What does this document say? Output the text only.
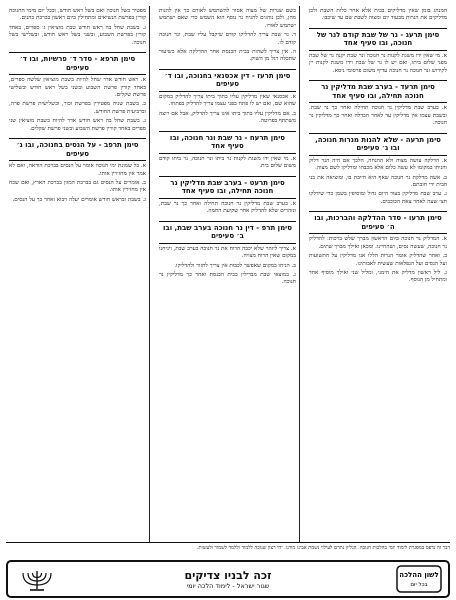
המנהג בזמן שאין מדליקים בבית אלא אחר כלות השבת ולכן מדליקים את הנרות מבעוד יום ומצוה לשבת שם עד שיכבו.

סימן תרעג - נר של שבת קודם לנר של חנוכה, ובו סעיף אחד

א. מי שאין ידו משגת לקנות נר חנוכה ונר שבת יקנה נר של שבת מפני שלום ביתו, ואם יש לו נר של שבת וידו משגת לקנות יין לקידוש ונר חנוכה נר חנוכה עדיף משום פרסומי ניסא.

סימן תרעד - בערב שבת מדליקין נר חנוכה תחילה, ובו סעיף אחד

א. בערב שבת מדליקין נר חנוכה תחילה ואחר כך נר שבת. ובשבת עצמו אין מדליקין עד לאחר הבדלה ואחר כך מדליקין נר חנוכה.

סימן תרעה - שלא להנות מנרות חנוכה, ובו ג׳ סעיפים

א. הדלקה עושה מצוה ולא ההנחה, הלכך אם היה הנר דלוק והניחו במקומו לא עשה כלום אלא מכבהו ומדליקו לשם מצוה.

ב. אשה מדלקת נר חנוכה שאף היא חייבת בו, ומוציאה את בני הבית ידי חובתם.

ג. ערב שבת מדליקין בעוד היום גדול ומוסיפין בשמן כדי שידלקו חצי שעה לאחר צאת הכוכבים.

סימן תרעו - סדר ההדלקה והברכות, ובו ה׳ סעיפים

א. המדליק נר חנוכה ביום הראשון מברך שלש ברכות: להדליק נר חנוכה, שעשה נסים, ושהחיינו. ומכאן ואילך מברך שתים.

ב. ואחר שהדליק אומר הנרות הללו אנו מדליקין על התשועות ועל הנסים ועל הנפלאות שעשית לאבותינו.

ג. ליל ראשון מדליק את הימני, ומליל שני ואילך מוסיף אחד ומתחיל מן הנוסף.

כשם שנרות של מצוה אסור להשתמש לאורם כך אין להנות מהן, ולכן נוהגים להניח נר נוסף הוא השמש כדי שאם ישתמש ישתמש לאורו.

ד. נר שבת צריך להדליקו קודם שיקבל עליו שבת, ונר חנוכה קודם לו.

ה. אין צריך לשהות בבית הכנסת אחר ההדלקה אלא כשיעור שתכלה רגל מן השוק.

סימן תרעז - דין אכסנאי בחנוכה, ובו ד׳ סעיפים

א. אכסנאי שאין מדליקין עליו בתוך ביתו צריך להדליק במקום שהוא שם, ואם יש לו פתח בפני עצמו צריך להדליק בפתחו.

ב. אם מדליקין עליו בתוך ביתו אינו צריך להדליק, אבל אם רוצה משתתף בפרוטה.

סימן תרעח - נר שבת ונר חנוכה, ובו סעיף אחד

א. מי שאין ידו משגת לקנות נר ביתו ונר חנוכה, נר ביתו קודם משום שלום בית.

סימן תרעט - בערב שבת מדליקין נר חנוכה תחילה, ובו סעיף אחד

א. בערב שבת מדליקין נר חנוכה תחילה ואחר כך נר שבת, ונזהרים שלא להדליק אחר שקיעת החמה.

סימן תרפ - דין נר חנוכה בערב שבת, ובו ב׳ סעיפים

א. צריך ליזהר שלא יכבה הרוח את נר חנוכה בערב שבת, ויניחנו במקום שאין הרוח מצויה.

ב. הניחו במקום שאפשר לכבות אין צריך לחזור ולהדליקו.

ג. במוצאי שבת מבדילין בבית הכנסת ואחר כך מדליקין נר חנוכה.

מפטיר בשל חנוכה ואם בשל ראש חודש, ובכל יום מימי החנוכה קורין בפרשת הנשיאים ומתחילין ביום ראשון בברכת כהנים.

ג. בשבת שחל בה ראש חודש טבת מוציאין ג׳ ספרים, באחד קורין בפרשת השבוע, ובשני בשל ראש חודש, ובשלישי בשל חנוכה.

סימן תרפא - סדר ד׳ פרשיות, ובו ד׳ סעיפים

א. ראש חודש אדר שחל להיות בשבת מוציאין שלשה ספרים, באחד קורין פרשת השבוע ובשני בשל ראש חודש ובשלישי פרשת שקלים.

ב. בשבת שניה מפטירין בפרשת זכור, ובשלישית פרשת פרה, וברביעית פרשת החודש.

ג. בשבת שחל בה ראש חודש אדר להיות בשבת מוציאין שני ספרים באחד קורין פרשת השבוע ובשני פרשת שקלים.

סימן תרפב - על הנסים בחנוכה, ובו ג׳ סעיפים

א. כל שמונת ימי חנוכה אומר על הנסים בברכת הודאה, ואם לא אמר אין מחזירין אותו.

ב. אומרים על הנסים גם בברכת המזון בברכת הארץ, ואם שכח אין מחזירין אותו.

ג. בשבת ובראש חודש אומרים יעלה ויבוא ואחר כך על הנסים.

דבר זה נדפס במסגרת לימוד יומי בהלכות חנוכה. הגליון נתרם לעילוי נשמת אבינו מורנו. יהי רצון שנזכה ללמוד וללמד לשמור ולעשות.
לשון ההלכה
בכל יום
זכה לבניו צדיקים
שגור ישראל - לימוד הלכה יומי
